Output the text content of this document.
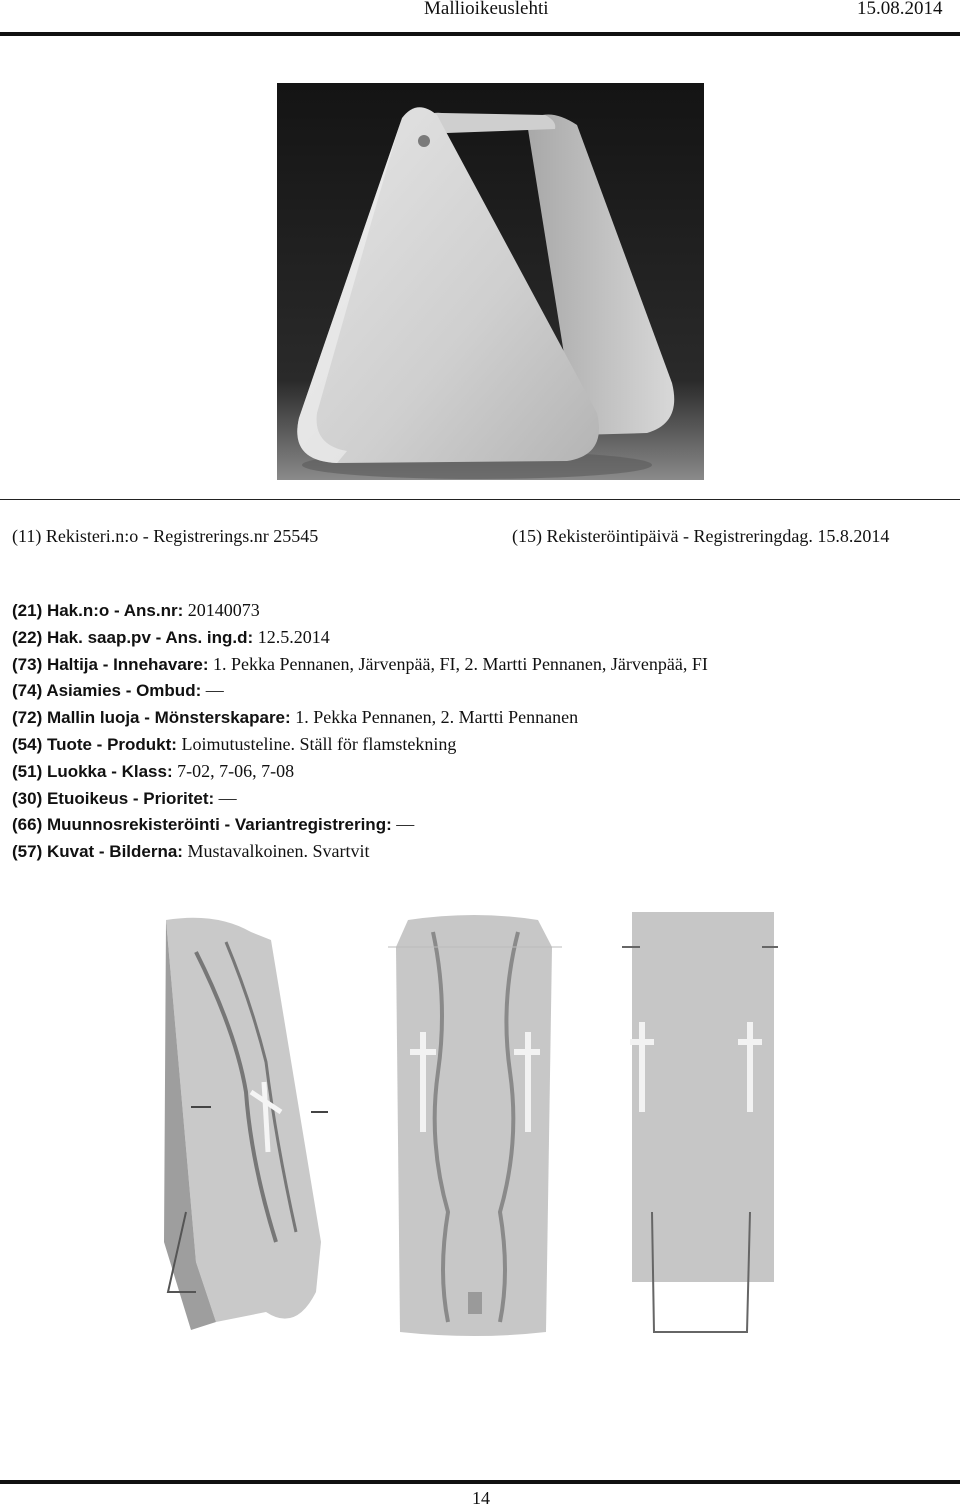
Mallioikeuslehti	15.08.2014
(11) Rekisteri.n:o - Registrerings.nr 25545	(15) Rekisteröintipäivä - Registreringdag. 15.8.2014
(21) Hak.n:o - Ans.nr: 20140073
(22) Hak. saap.pv - Ans. ing.d: 12.5.2014
(73) Haltija - Innehavare: 1. Pekka Pennanen, Järvenpää, FI, 2. Martti Pennanen, Järvenpää, FI
(74) Asiamies - Ombud: —
(72) Mallin luoja - Mönsterskapare: 1. Pekka Pennanen, 2. Martti Pennanen
(54) Tuote - Produkt: Loimutusteline. Ställ för flamstekning
(51) Luokka - Klass: 7-02, 7-06, 7-08
(30) Etuoikeus - Prioritet: —
(66) Muunnosrekisteröinti - Variantregistrering: —
(57) Kuvat - Bilderna: Mustavalkoinen. Svartvit
14
